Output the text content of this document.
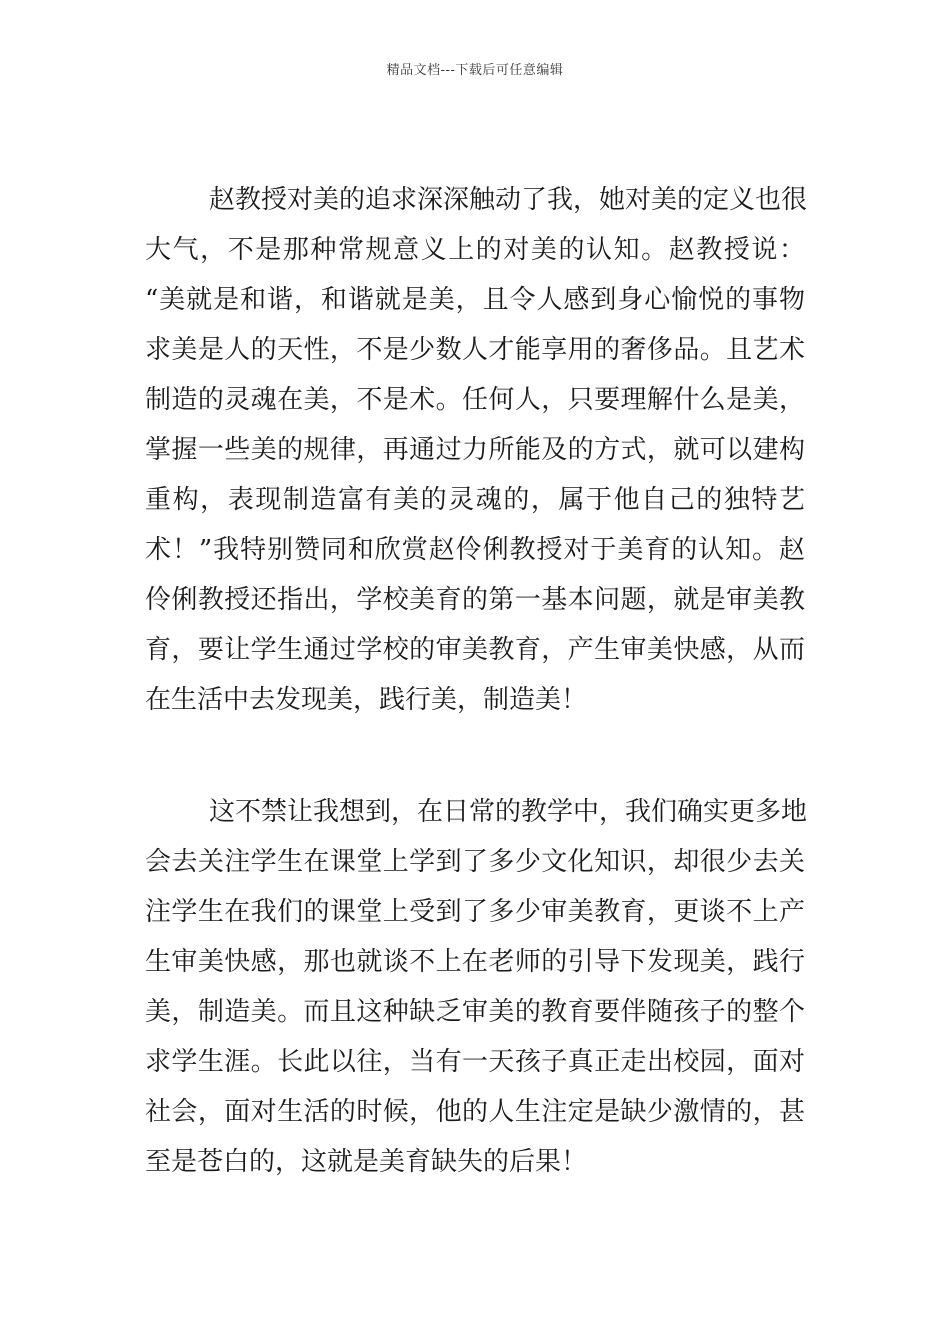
精品文档---下载后可任意编辑
赵教授对美的追求深深触动了我，她对美的定义也很
大气，不是那种常规意义上的对美的认知。赵教授说：
“美就是和谐，和谐就是美，且令人感到身心愉悦的事物
求美是人的天性，不是少数人才能享用的奢侈品。且艺术
制造的灵魂在美，不是术。任何人，只要理解什么是美，
掌握一些美的规律，再通过力所能及的方式，就可以建构
重构，表现制造富有美的灵魂的，属于他自己的独特艺
术！”我特别赞同和欣赏赵伶俐教授对于美育的认知。赵
伶俐教授还指出，学校美育的第一基本问题，就是审美教
育，要让学生通过学校的审美教育，产生审美快感，从而
在生活中去发现美，践行美，制造美！
这不禁让我想到，在日常的教学中，我们确实更多地
会去关注学生在课堂上学到了多少文化知识，却很少去关
注学生在我们的课堂上受到了多少审美教育，更谈不上产
生审美快感，那也就谈不上在老师的引导下发现美，践行
美，制造美。而且这种缺乏审美的教育要伴随孩子的整个
求学生涯。长此以往，当有一天孩子真正走出校园，面对
社会，面对生活的时候，他的人生注定是缺少激情的，甚
至是苍白的，这就是美育缺失的后果！
